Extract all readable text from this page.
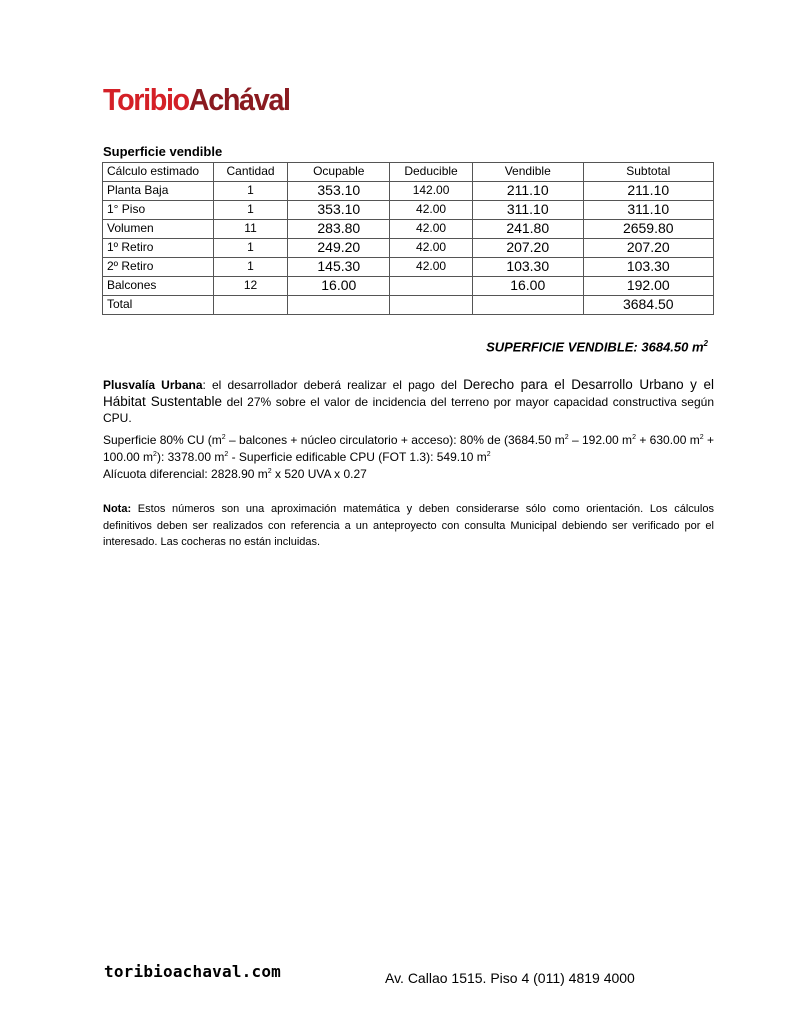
ToribioAchával
Superficie vendible
Cálculo estimado	Cantidad	Ocupable	Deducible	Vendible	Subtotal
Planta Baja	1	353.10	142.00	211.10	211.10
1° Piso	1	353.10	42.00	311.10	311.10
Volumen	11	283.80	42.00	241.80	2659.80
1º Retiro	1	249.20	42.00	207.20	207.20
2º Retiro	1	145.30	42.00	103.30	103.30
Balcones	12	16.00		16.00	192.00
Total					3684.50
SUPERFICIE VENDIBLE: 3684.50 $m^2$
Plusvalía Urbana: el desarrollador deberá realizar el pago del Derecho para el Desarrollo Urbano y el Hábitat Sustentable del 27% sobre el valor de incidencia del terreno por mayor capacidad constructiva según CPU.
Superficie 80% CU ($m^2$ – balcones + núcleo circulatorio + acceso): 80% de (3684.50 $m^2 - 192.00$ $m^2 + 630.00$ $m^2 + 100.00$ $m^2$): 3378.00 $m^2$ - Superficie edificable CPU (FOT 1.3): 549.10 $m^2$
Alícuota diferencial: 2828.90 $m^2$ x 520 UVA x 0.27
Nota: Estos números son una aproximación matemática y deben considerarse sólo como orientación. Los cálculos definitivos deben ser realizados con referencia a un anteproyecto con consulta Municipal debiendo ser verificado por el interesado. Las cocheras no están incluidas.
toribioachaval.com	Av. Callao 1515. Piso 4 (011) 4819 4000
